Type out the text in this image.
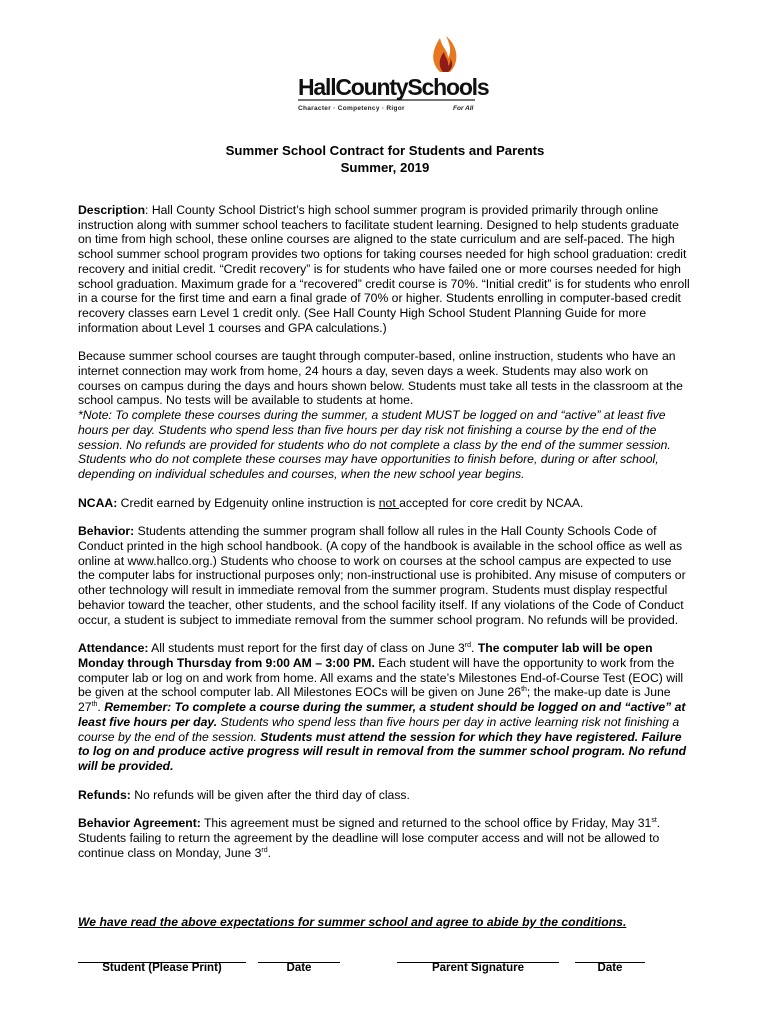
HallCountySchools
Character · Competency · Rigor	For All
Summer School Contract for Students and Parents
Summer, 2019

Description: Hall County School District’s high school summer program is provided primarily through online instruction along with summer school teachers to facilitate student learning. Designed to help students graduate on time from high school, these online courses are aligned to the state curriculum and are self-paced. The high school summer school program provides two options for taking courses needed for high school graduation: credit recovery and initial credit. “Credit recovery” is for students who have failed one or more courses needed for high school graduation. Maximum grade for a “recovered” credit course is 70%. “Initial credit” is for students who enroll in a course for the first time and earn a final grade of 70% or higher. Students enrolling in computer-based credit recovery classes earn Level 1 credit only. (See Hall County High School Student Planning Guide for more information about Level 1 courses and GPA calculations.)

Because summer school courses are taught through computer-based, online instruction, students who have an internet connection may work from home, 24 hours a day, seven days a week. Students may also work on courses on campus during the days and hours shown below. Students must take all tests in the classroom at the school campus. No tests will be available to students at home.
*Note: To complete these courses during the summer, a student MUST be logged on and “active” at least five hours per day. Students who spend less than five hours per day risk not finishing a course by the end of the session. No refunds are provided for students who do not complete a class by the end of the summer session. Students who do not complete these courses may have opportunities to finish before, during or after school, depending on individual schedules and courses, when the new school year begins.

NCAA: Credit earned by Edgenuity online instruction is not accepted for core credit by NCAA.

Behavior: Students attending the summer program shall follow all rules in the Hall County Schools Code of Conduct printed in the high school handbook. (A copy of the handbook is available in the school office as well as online at www.hallco.org.) Students who choose to work on courses at the school campus are expected to use the computer labs for instructional purposes only; non-instructional use is prohibited. Any misuse of computers or other technology will result in immediate removal from the summer program. Students must display respectful behavior toward the teacher, other students, and the school facility itself. If any violations of the Code of Conduct occur, a student is subject to immediate removal from the summer school program. No refunds will be provided.

Attendance: All students must report for the first day of class on June 3rd. The computer lab will be open Monday through Thursday from 9:00 AM – 3:00 PM. Each student will have the opportunity to work from the computer lab or log on and work from home. All exams and the state’s Milestones End-of-Course Test (EOC) will be given at the school computer lab. All Milestones EOCs will be given on June 26th; the make-up date is June 27th. Remember: To complete a course during the summer, a student should be logged on and “active” at least five hours per day. Students who spend less than five hours per day in active learning risk not finishing a course by the end of the session. Students must attend the session for which they have registered. Failure to log on and produce active progress will result in removal from the summer school program. No refund will be provided.

Refunds: No refunds will be given after the third day of class.

Behavior Agreement: This agreement must be signed and returned to the school office by Friday, May 31st. Students failing to return the agreement by the deadline will lose computer access and will not be allowed to continue class on Monday, June 3rd.

We have read the above expectations for summer school and agree to abide by the conditions.
Student (Please Print)	Date	Parent Signature	Date
